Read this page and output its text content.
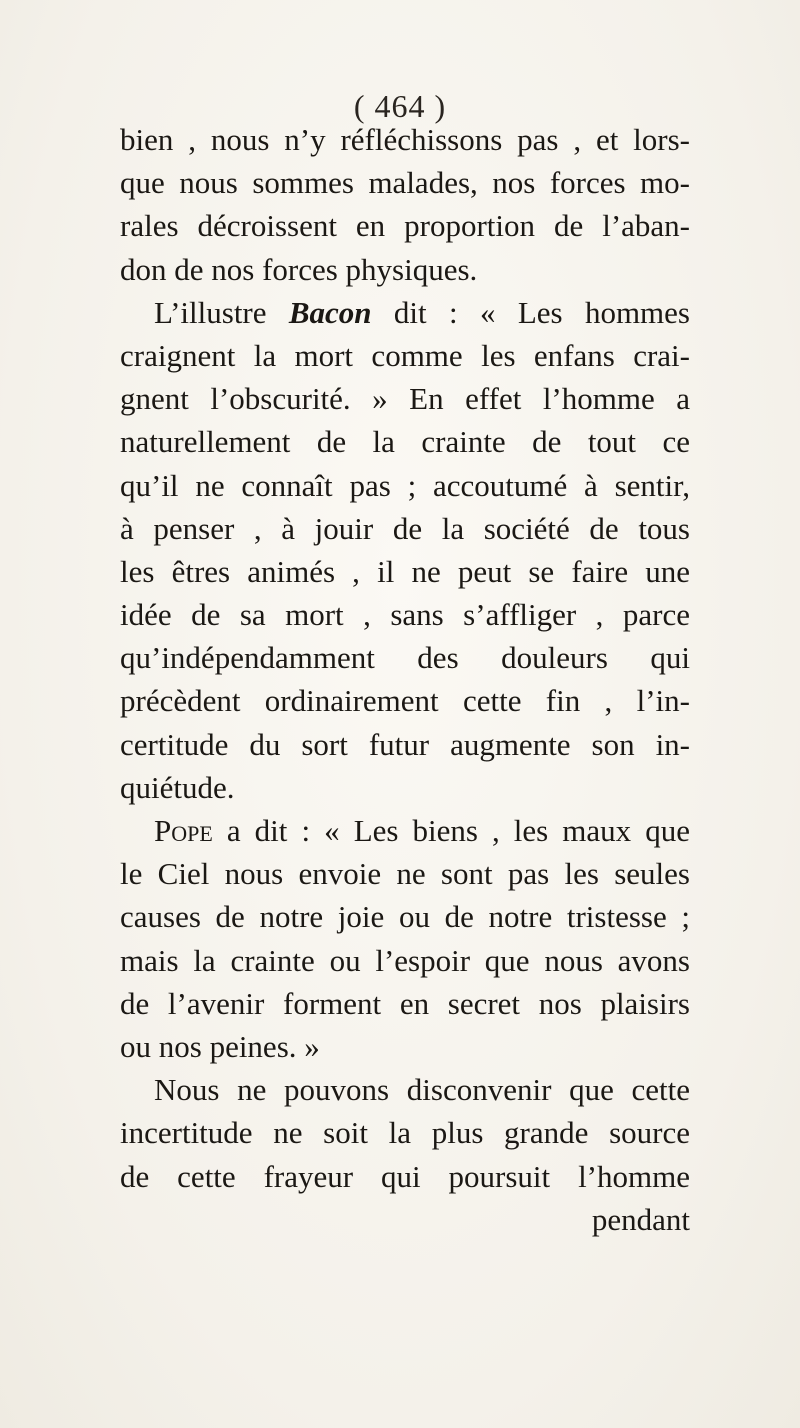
( 464 )
bien , nous n’y réfléchissons pas , et lors-
que nous sommes malades, nos forces mo-
rales décroissent en proportion de l’aban-
don de nos forces physiques.
L’illustre Bacon dit : « Les hommes
craignent la mort comme les enfans crai-
gnent l’obscurité. » En effet l’homme a
naturellement de la crainte de tout ce
qu’il ne connaît pas ; accoutumé à sentir,
à penser , à jouir de la société de tous
les êtres animés , il ne peut se faire une
idée de sa mort , sans s’affliger , parce
qu’indépendamment des douleurs qui
précèdent ordinairement cette fin , l’in-
certitude du sort futur augmente son in-
quiétude.
Pope a dit : « Les biens , les maux que
le Ciel nous envoie ne sont pas les seules
causes de notre joie ou de notre tristesse ;
mais la crainte ou l’espoir que nous avons
de l’avenir forment en secret nos plaisirs
ou nos peines. »
Nous ne pouvons disconvenir que cette
incertitude ne soit la plus grande source
de cette frayeur qui poursuit l’homme
pendant
